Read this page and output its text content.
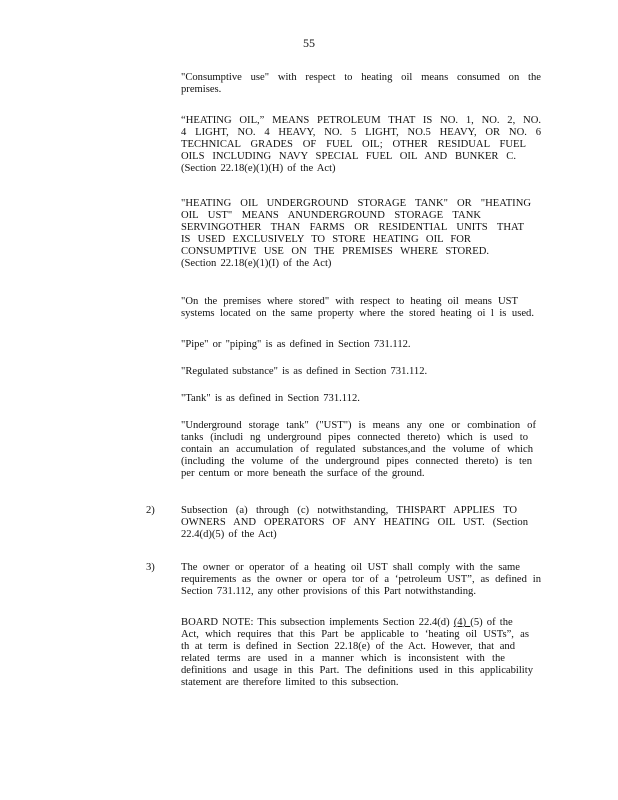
55
"Consumptive use" with respect to heating oil means consumed on the
premises.
“HEATING OIL,” MEANS PETROLEUM THAT IS NO. 1, NO. 2, NO.
4 LIGHT, NO. 4 HEAVY, NO. 5 LIGHT, NO.5 HEAVY, OR NO. 6
TECHNICAL GRADES OF FUEL OIL; OTHER RESIDUAL FUEL
OILS INCLUDING NAVY SPECIAL FUEL OIL AND BUNKER C.
(Section 22.18(e)(1)(H) of the Act)
"HEATING OIL UNDERGROUND STORAGE TANK" OR "HEATING
OIL UST" MEANS ANUNDERGROUND STORAGE TANK
SERVINGOTHER THAN FARMS OR RESIDENTIAL UNITS THAT
IS USED EXCLUSIVELY TO STORE HEATING OIL FOR
CONSUMPTIVE USE ON THE PREMISES WHERE STORED.
(Section 22.18(e)(1)(I) of the Act)
"On the premises where stored" with respect to heating oil means UST
systems located on the same property where the stored heating oi l is used.
"Pipe" or "piping" is as defined in Section 731.112.
"Regulated substance" is as defined in Section 731.112.
"Tank" is as defined in Section 731.112.
"Underground storage tank" ("UST") is means any one or combination of
tanks (includi ng underground pipes connected thereto) which is used to
contain an accumulation of regulated substances,and the volume of which
(including the volume of the underground pipes connected thereto) is ten
per centum or more beneath the surface of the ground.
2) Subsection (a) through (c) notwithstanding, THISPART APPLIES TO
OWNERS AND OPERATORS OF ANY HEATING OIL UST. (Section
22.4(d)(5) of the Act)
3) The owner or operator of a heating oil UST shall comply with the same
requirements as the owner or opera tor of a ‘petroleum UST”, as defined in
Section 731.112, any other provisions of this Part notwithstanding.
BOARD NOTE: This subsection implements Section 22.4(d) (4) (5) of the
Act, which requires that this Part be applicable to ‘heating oil USTs”, as
th at term is defined in Section 22.18(e) of the Act. However, that and
related terms are used in a manner which is inconsistent with the
definitions and usage in this Part. The definitions used in this applicability
statement are therefore limited to this subsection.
